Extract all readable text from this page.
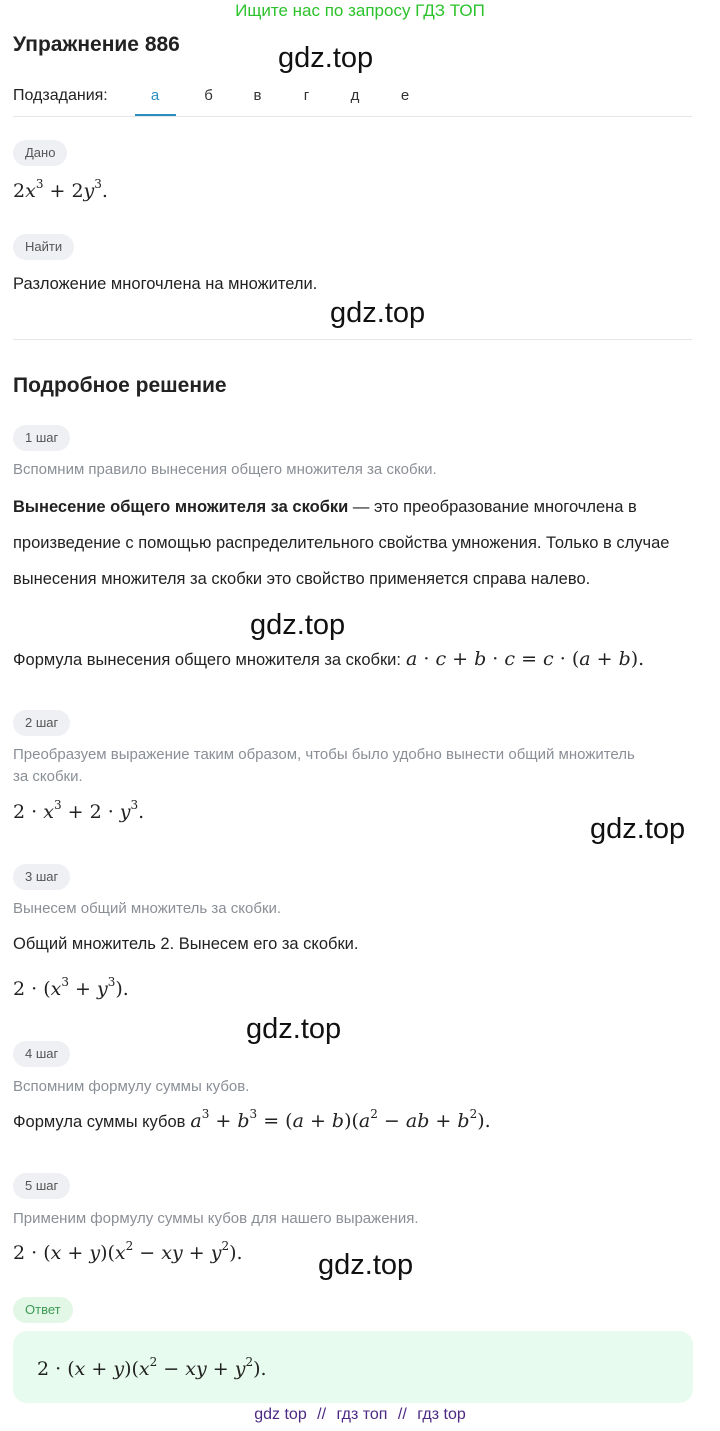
Ищите нас по запросу ГДЗ ТОП
Упражнение 886	gdz.top
gdz.top
gdz.top
gdz.top
gdz.top
gdz.top
Подзадания:	а	б	в	г	д	е
Дано
$2x^3 + 2y^3$.
Найти
Разложение многочлена на множители.
Подробное решение
1 шаг
Вспомним правило вынесения общего множителя за скобки.
Вынесение общего множителя за скобки — это преобразование многочлена в произведение с помощью распределительного свойства умножения. Только в случае вынесения множителя за скобки это свойство применяется справа налево.
Формула вынесения общего множителя за скобки: a · c + b · c = c · (a + b).
2 шаг
Преобразуем выражение таким образом, чтобы было удобно вынести общий множитель за скобки.
$2 \cdot x^3 + 2 \cdot y^3$.
3 шаг
Вынесем общий множитель за скобки.
Общий множитель 2. Вынесем его за скобки.
$2 \cdot (x^3 + y^3)$.
4 шаг
Вспомним формулу суммы кубов.
Формула суммы кубов $a^3 + b^3 = (a + b)(a^2$ − ab + $b^2$).
5 шаг
Применим формулу суммы кубов для нашего выражения.
$2 \cdot (x + y)(x^2$ − xy + $y^2$).
Ответ
$2 \cdot (x + y)(x^2$ − xy + $y^2$).
gdz top // гдз топ // гдз top
